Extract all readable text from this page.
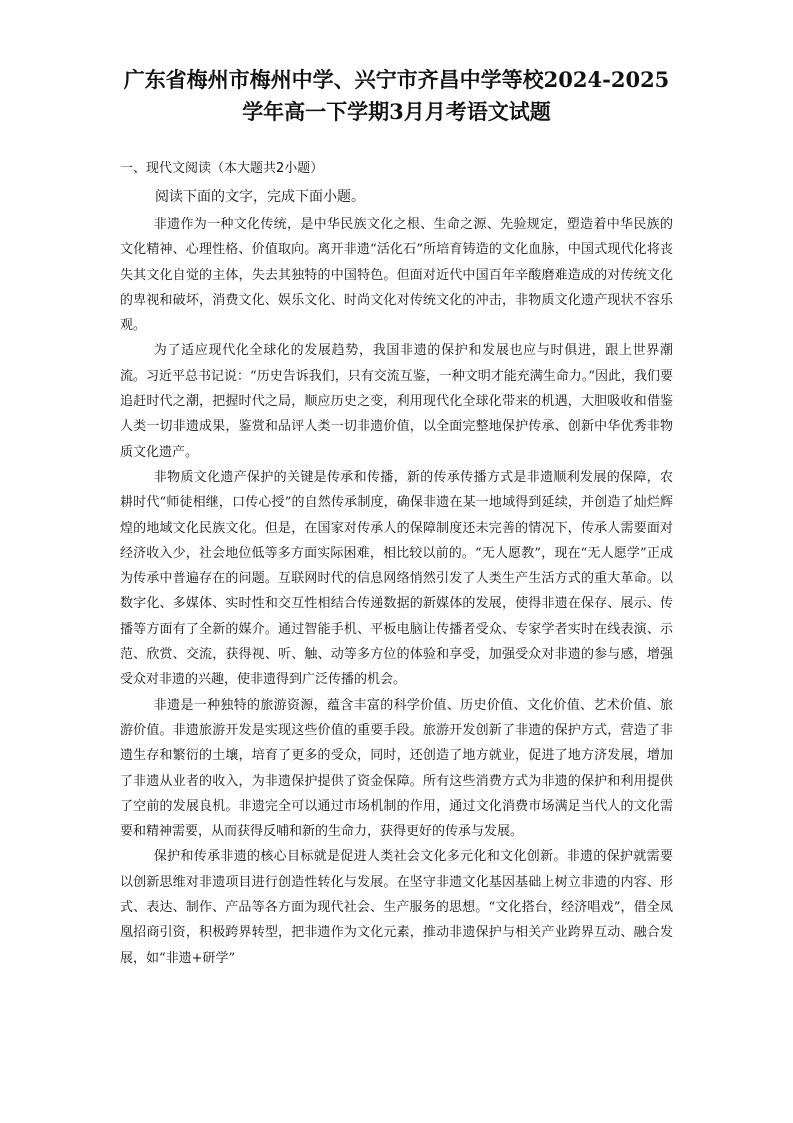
广东省梅州市梅州中学、兴宁市齐昌中学等校2024-2025
学年高一下学期3月月考语文试题
一、现代文阅读（本大题共2小题）
阅读下面的文字，完成下面小题。

非遗作为一种文化传统，是中华民族文化之根、生命之源、先验规定，塑造着中华民族的文化精神、心理性格、价值取向。离开非遗“活化石”所培育铸造的文化血脉，中国式现代化将丧失其文化自觉的主体，失去其独特的中国特色。但面对近代中国百年辛酸磨难造成的对传统文化的卑视和破坏，消费文化、娱乐文化、时尚文化对传统文化的冲击，非物质文化遗产现状不容乐观。

为了适应现代化全球化的发展趋势，我国非遗的保护和发展也应与时俱进，跟上世界潮流。习近平总书记说：“历史告诉我们，只有交流互鉴，一种文明才能充满生命力。”因此，我们要追赶时代之潮，把握时代之局，顺应历史之变，利用现代化全球化带来的机遇，大胆吸收和借鉴人类一切非遗成果，鉴赏和品评人类一切非遗价值，以全面完整地保护传承、创新中华优秀非物质文化遗产。

非物质文化遗产保护的关键是传承和传播，新的传承传播方式是非遗顺利发展的保障，农耕时代“师徒相继，口传心授”的自然传承制度，确保非遗在某一地域得到延续，并创造了灿烂辉煌的地域文化民族文化。但是，在国家对传承人的保障制度还未完善的情况下，传承人需要面对经济收入少，社会地位低等多方面实际困难，相比较以前的。“无人愿教”，现在“无人愿学”正成为传承中普遍存在的问题。互联网时代的信息网络悄然引发了人类生产生活方式的重大革命。以数字化、多媒体、实时性和交互性相结合传递数据的新媒体的发展，使得非遗在保存、展示、传播等方面有了全新的媒介。通过智能手机、平板电脑让传播者受众、专家学者实时在线表演、示范、欣赏、交流，获得视、听、触、动等多方位的体验和享受，加强受众对非遗的参与感，增强受众对非遗的兴趣，使非遗得到广泛传播的机会。

非遗是一种独特的旅游资源，蕴含丰富的科学价值、历史价值、文化价值、艺术价值、旅游价值。非遗旅游开发是实现这些价值的重要手段。旅游开发创新了非遗的保护方式，营造了非遗生存和繁衍的土壤，培育了更多的受众，同时，还创造了地方就业，促进了地方济发展，增加了非遗从业者的收入，为非遗保护提供了资金保障。所有这些消费方式为非遗的保护和利用提供了空前的发展良机。非遗完全可以通过市场机制的作用，通过文化消费市场满足当代人的文化需要和精神需要，从而获得反哺和新的生命力，获得更好的传承与发展。

保护和传承非遗的核心目标就是促进人类社会文化多元化和文化创新。非遗的保护就需要以创新思维对非遗项目进行创造性转化与发展。在坚守非遗文化基因基础上树立非遗的内容、形式、表达、制作、产品等各方面为现代社会、生产服务的思想。“文化搭台，经济唱戏”，借全凤凰招商引资，积极跨界转型，把非遗作为文化元素，推动非遗保护与相关产业跨界互动、融合发展，如“非遗+研学”
